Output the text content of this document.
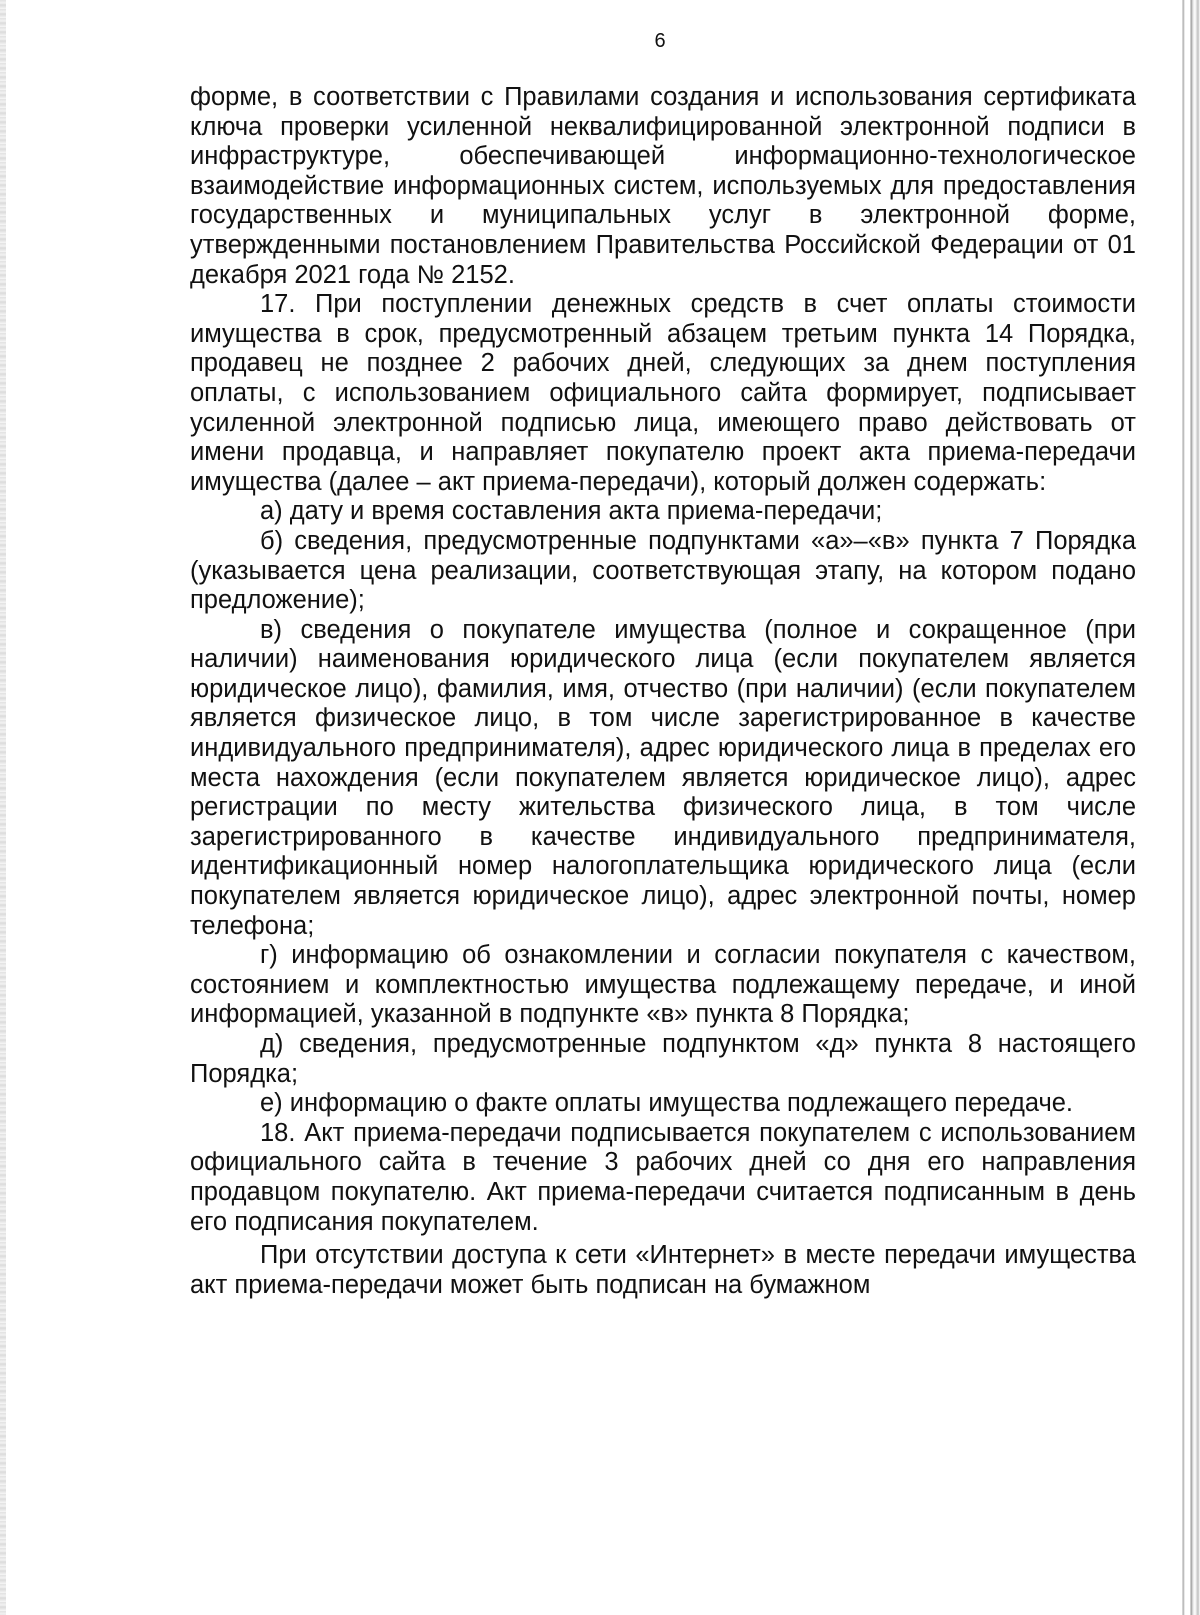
6

форме, в соответствии с Правилами создания и использования сертификата ключа проверки усиленной неквалифицированной электронной подписи в инфраструктуре, обеспечивающей информационно-технологическое взаимодействие информационных систем, используемых для предоставления государственных и муниципальных услуг в электронной форме, утвержденными постановлением Правительства Российской Федерации от 01 декабря 2021 года № 2152.

17. При поступлении денежных средств в счет оплаты стоимости имущества в срок, предусмотренный абзацем третьим пункта 14 Порядка, продавец не позднее 2 рабочих дней, следующих за днем поступления оплаты, с использованием официального сайта формирует, подписывает усиленной электронной подписью лица, имеющего право действовать от имени продавца, и направляет покупателю проект акта приема-передачи имущества (далее – акт приема-передачи), который должен содержать:

а) дату и время составления акта приема-передачи;

б) сведения, предусмотренные подпунктами «а»–«в» пункта 7 Порядка (указывается цена реализации, соответствующая этапу, на котором подано предложение);

в) сведения о покупателе имущества (полное и сокращенное (при наличии) наименования юридического лица (если покупателем является юридическое лицо), фамилия, имя, отчество (при наличии) (если покупателем является физическое лицо, в том числе зарегистрированное в качестве индивидуального предпринимателя), адрес юридического лица в пределах его места нахождения (если покупателем является юридическое лицо), адрес регистрации по месту жительства физического лица, в том числе зарегистрированного в качестве индивидуального предпринимателя, идентификационный номер налогоплательщика юридического лица (если покупателем является юридическое лицо), адрес электронной почты, номер телефона;

г) информацию об ознакомлении и согласии покупателя с качеством, состоянием и комплектностью имущества подлежащему передаче, и иной информацией, указанной в подпункте «в» пункта 8 Порядка;

д) сведения, предусмотренные подпунктом «д» пункта 8 настоящего Порядка;

е) информацию о факте оплаты имущества подлежащего передаче.

18. Акт приема-передачи подписывается покупателем с использованием официального сайта в течение 3 рабочих дней со дня его направления продавцом покупателю. Акт приема-передачи считается подписанным в день его подписания покупателем.

При отсутствии доступа к сети «Интернет» в месте передачи имущества акт приема-передачи может быть подписан на бумажном
